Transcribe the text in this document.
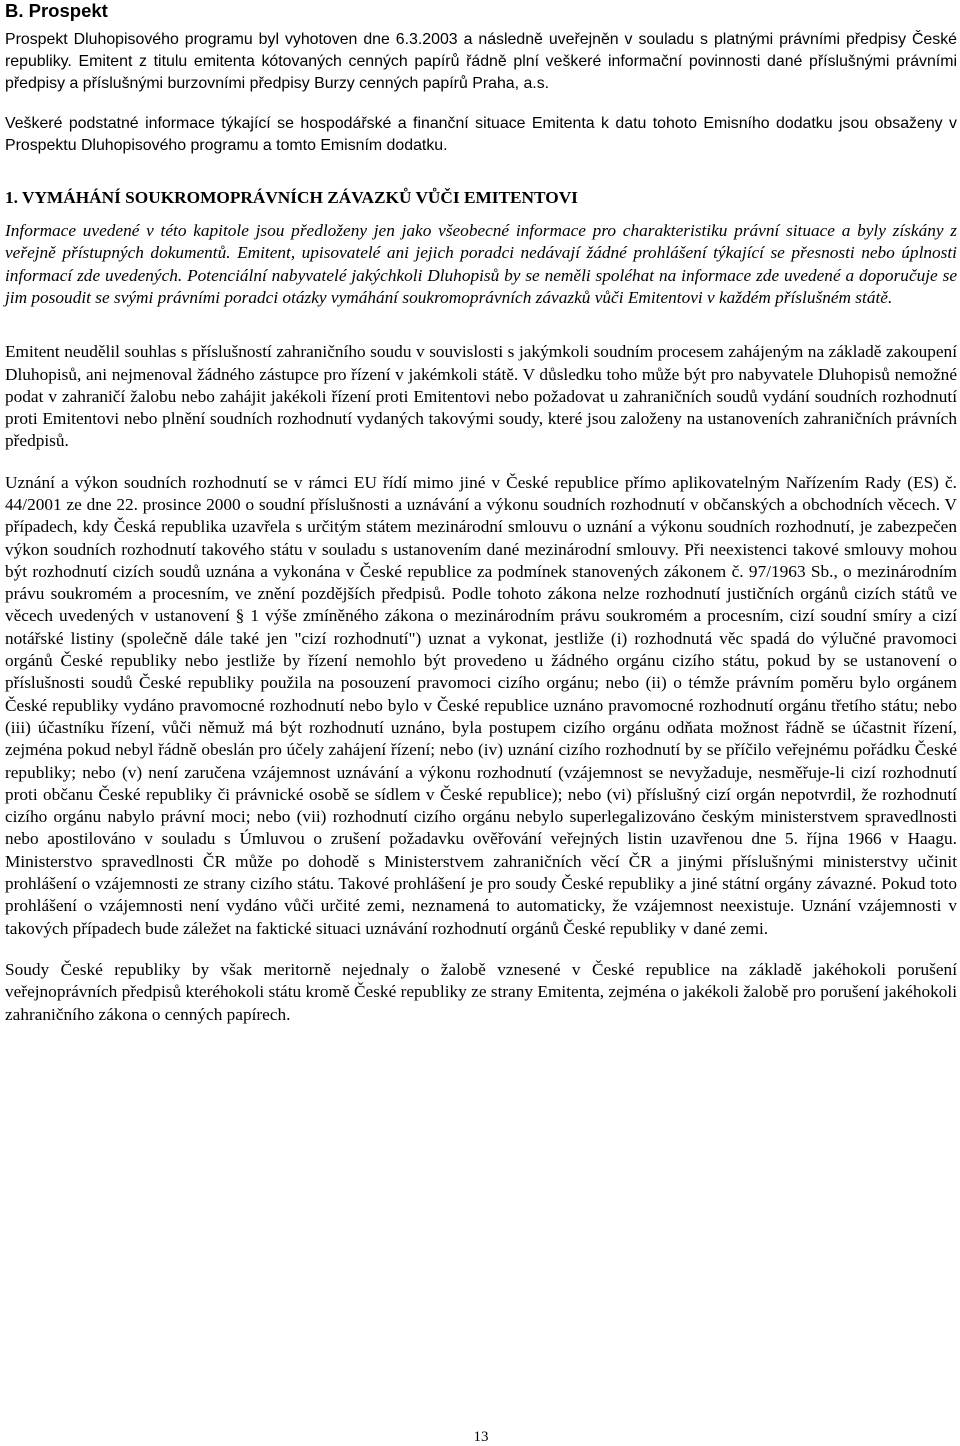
B. Prospekt

Prospekt Dluhopisového programu byl vyhotoven dne 6.3.2003 a následně uveřejněn v souladu s platnými právními předpisy České republiky. Emitent z titulu emitenta kótovaných cenných papírů řádně plní veškeré informační povinnosti dané příslušnými právními předpisy a příslušnými burzovními předpisy Burzy cenných papírů Praha, a.s.

Veškeré podstatné informace týkající se hospodářské a finanční situace Emitenta k datu tohoto Emisního dodatku jsou obsaženy v Prospektu Dluhopisového programu a tomto Emisním dodatku.

1. VYMÁHÁNÍ SOUKROMOPRÁVNÍCH ZÁVAZKŮ VŮČI EMITENTOVI

Informace uvedené v této kapitole jsou předloženy jen jako všeobecné informace pro charakteristiku právní situace a byly získány z veřejně přístupných dokumentů. Emitent, upisovatelé ani jejich poradci nedávají žádné prohlášení týkající se přesnosti nebo úplnosti informací zde uvedených. Potenciální nabyvatelé jakýchkoli Dluhopisů by se neměli spoléhat na informace zde uvedené a doporučuje se jim posoudit se svými právními poradci otázky vymáhání soukromoprávních závazků vůči Emitentovi v každém příslušném státě.

Emitent neudělil souhlas s příslušností zahraničního soudu v souvislosti s jakýmkoli soudním procesem zahájeným na základě zakoupení Dluhopisů, ani nejmenoval žádného zástupce pro řízení v jakémkoli státě. V důsledku toho může být pro nabyvatele Dluhopisů nemožné podat v zahraničí žalobu nebo zahájit jakékoli řízení proti Emitentovi nebo požadovat u zahraničních soudů vydání soudních rozhodnutí proti Emitentovi nebo plnění soudních rozhodnutí vydaných takovými soudy, které jsou založeny na ustanoveních zahraničních právních předpisů.

Uznání a výkon soudních rozhodnutí se v rámci EU řídí mimo jiné v České republice přímo aplikovatelným Nařízením Rady (ES) č. 44/2001 ze dne 22. prosince 2000 o soudní příslušnosti a uznávání a výkonu soudních rozhodnutí v občanských a obchodních věcech. V případech, kdy Česká republika uzavřela s určitým státem mezinárodní smlouvu o uznání a výkonu soudních rozhodnutí, je zabezpečen výkon soudních rozhodnutí takového státu v souladu s ustanovením dané mezinárodní smlouvy. Při neexistenci takové smlouvy mohou být rozhodnutí cizích soudů uznána a vykonána v České republice za podmínek stanovených zákonem č. 97/1963 Sb., o mezinárodním právu soukromém a procesním, ve znění pozdějších předpisů. Podle tohoto zákona nelze rozhodnutí justičních orgánů cizích států ve věcech uvedených v ustanovení § 1 výše zmíněného zákona o mezinárodním právu soukromém a procesním, cizí soudní smíry a cizí notářské listiny (společně dále také jen "cizí rozhodnutí") uznat a vykonat, jestliže (i) rozhodnutá věc spadá do výlučné pravomoci orgánů České republiky nebo jestliže by řízení nemohlo být provedeno u žádného orgánu cizího státu, pokud by se ustanovení o příslušnosti soudů České republiky použila na posouzení pravomoci cizího orgánu; nebo (ii) o témže právním poměru bylo orgánem České republiky vydáno pravomocné rozhodnutí nebo bylo v České republice uznáno pravomocné rozhodnutí orgánu třetího státu; nebo (iii) účastníku řízení, vůči němuž má být rozhodnutí uznáno, byla postupem cizího orgánu odňata možnost řádně se účastnit řízení, zejména pokud nebyl řádně obeslán pro účely zahájení řízení; nebo (iv) uznání cizího rozhodnutí by se příčilo veřejnému pořádku České republiky; nebo (v) není zaručena vzájemnost uznávání a výkonu rozhodnutí (vzájemnost se nevyžaduje, nesměřuje-li cizí rozhodnutí proti občanu České republiky či právnické osobě se sídlem v České republice); nebo (vi) příslušný cizí orgán nepotvrdil, že rozhodnutí cizího orgánu nabylo právní moci; nebo (vii) rozhodnutí cizího orgánu nebylo superlegalizováno českým ministerstvem spravedlnosti nebo apostilováno v souladu s Úmluvou o zrušení požadavku ověřování veřejných listin uzavřenou dne 5. října 1966 v Haagu. Ministerstvo spravedlnosti ČR může po dohodě s Ministerstvem zahraničních věcí ČR a jinými příslušnými ministerstvy učinit prohlášení o vzájemnosti ze strany cizího státu. Takové prohlášení je pro soudy České republiky a jiné státní orgány závazné. Pokud toto prohlášení o vzájemnosti není vydáno vůči určité zemi, neznamená to automaticky, že vzájemnost neexistuje. Uznání vzájemnosti v takových případech bude záležet na faktické situaci uznávání rozhodnutí orgánů České republiky v dané zemi.

Soudy České republiky by však meritorně nejednaly o žalobě vznesené v České republice na základě jakéhokoli porušení veřejnoprávních předpisů kteréhokoli státu kromě České republiky ze strany Emitenta, zejména o jakékoli žalobě pro porušení jakéhokoli zahraničního zákona o cenných papírech.

13
